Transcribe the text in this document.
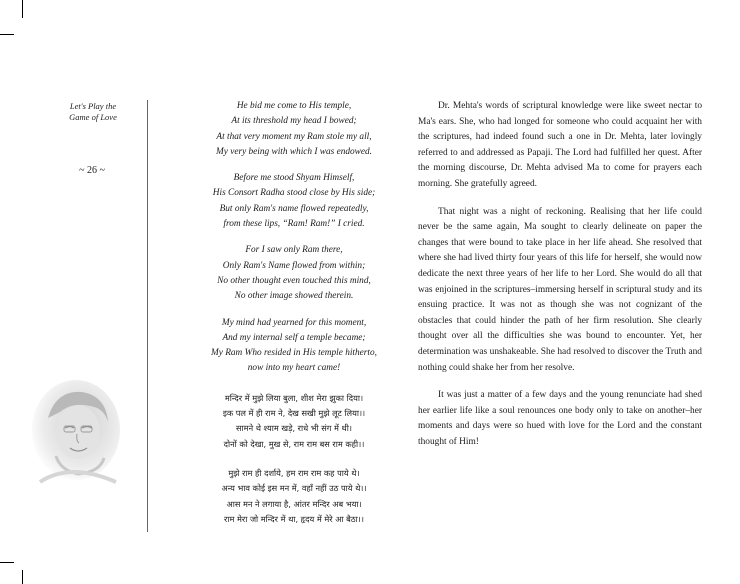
Let's Play the
Game of Love
~ 26 ~
He bid me come to His temple,
At its threshold my head I bowed;
At that very moment my Ram stole my all,
My very being with which I was endowed.
Before me stood Shyam Himself,
His Consort Radha stood close by His side;
But only Ram's name flowed repeatedly,
from these lips, “Ram! Ram!” I cried.
For I saw only Ram there,
Only Ram's Name flowed from within;
No other thought even touched this mind,
No other image showed therein.
My mind had yearned for this moment,
And my internal self a temple became;
My Ram Who resided in His temple hitherto,
now into my heart came!
मन्दिर में मुझे लिया बुला, शीश मेरा झुका दिया।
इक पल में ही राम ने, देख सखी मुझे लूट लिया।।
सामने थे श्याम खड़े, राधे भी संग में थी।
दोनों को देखा, मुख से, राम राम बस राम कही।।
मुझे राम ही दर्शाये, हम राम राम कह पाये थे।
अन्य भाव कोई इस मन में, वहाँ नहीं उठ पाये थे।।
आस मन ने लगाया है, आंतर मन्दिर अब भया।
राम मेरा जो मन्दिर में था, हृदय में मेरे आ बैठा।।
Dr. Mehta's words of scriptural knowledge were like sweet nectar to Ma's ears. She, who had longed for someone who could acquaint her with the scriptures, had indeed found such a one in Dr. Mehta, later lovingly referred to and addressed as Papaji. The Lord had fulfilled her quest. After the morning discourse, Dr. Mehta advised Ma to come for prayers each morning. She gratefully agreed.
That night was a night of reckoning. Realising that her life could never be the same again, Ma sought to clearly delineate on paper the changes that were bound to take place in her life ahead. She resolved that where she had lived thirty four years of this life for herself, she would now dedicate the next three years of her life to her Lord. She would do all that was enjoined in the scriptures–immersing herself in scriptural study and its ensuing practice. It was not as though she was not cognizant of the obstacles that could hinder the path of her firm resolution. She clearly thought over all the difficulties she was bound to encounter. Yet, her determination was unshakeable. She had resolved to discover the Truth and nothing could shake her from her resolve.
It was just a matter of a few days and the young renunciate had shed her earlier life like a soul renounces one body only to take on another–her moments and days were so hued with love for the Lord and the constant thought of Him!
